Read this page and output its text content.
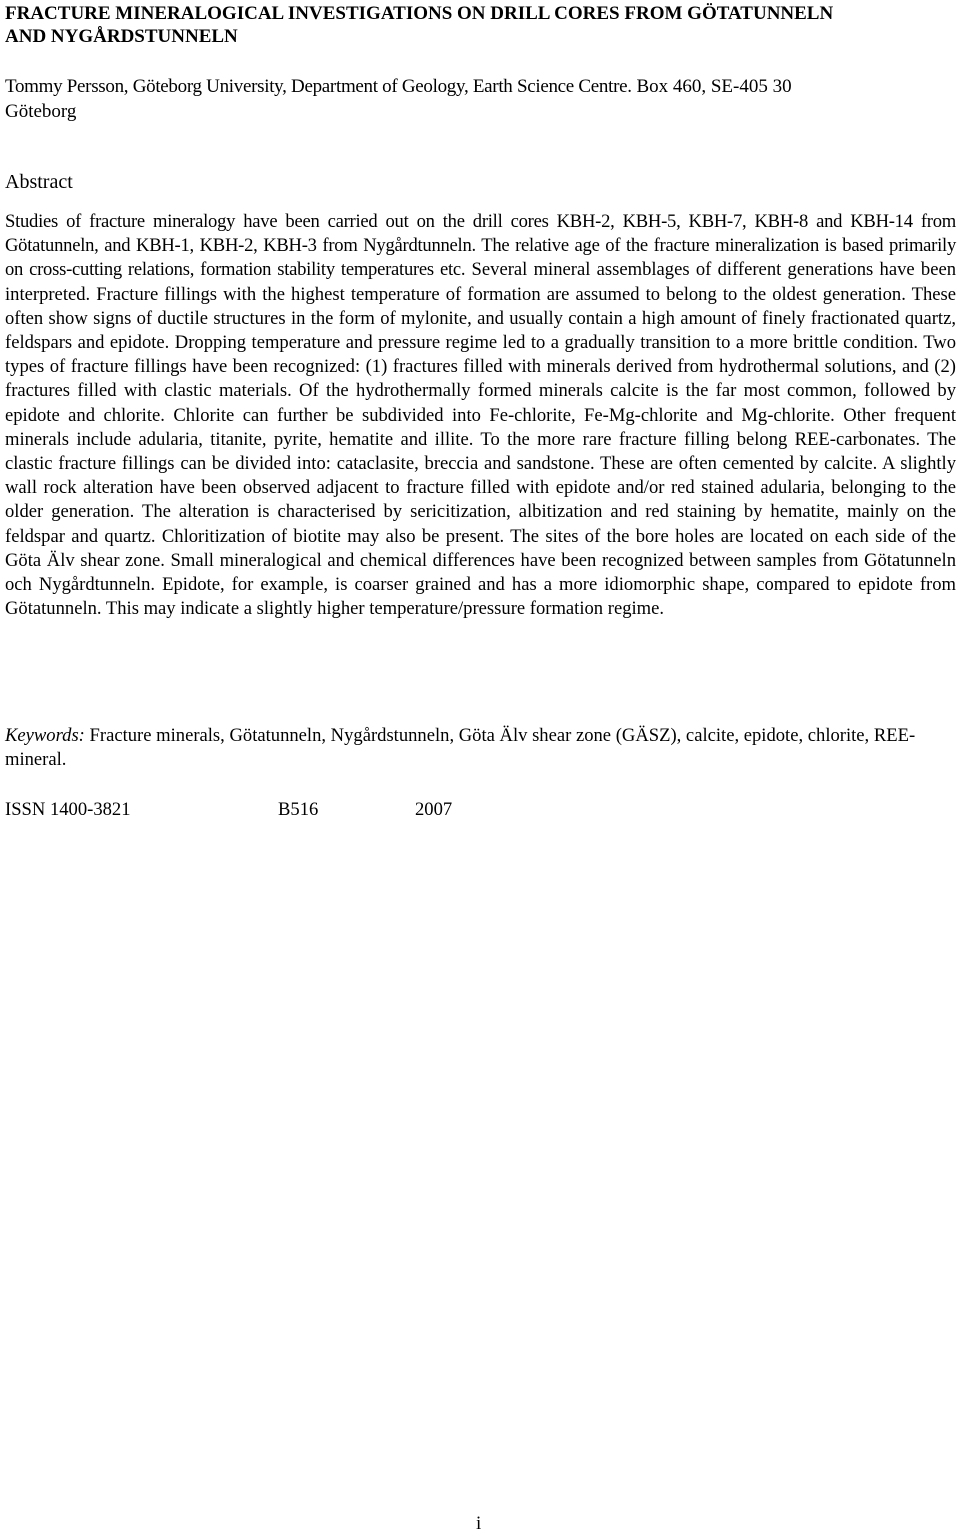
FRACTURE MINERALOGICAL INVESTIGATIONS ON DRILL CORES FROM GÖTATUNNELN
AND NYGÅRDSTUNNELN

Tommy Persson, Göteborg University, Department of Geology, Earth Science Centre. Box 460, SE-405 30
Göteborg

Abstract

Studies of fracture mineralogy have been carried out on the drill cores KBH-2, KBH-5, KBH-7, KBH-8 and KBH-14 from Götatunneln, and KBH-1, KBH-2, KBH-3 from Nygårdtunneln. The relative age of the fracture mineralization is based primarily on cross-cutting relations, formation stability temperatures etc. Several mineral assemblages of different generations have been interpreted. Fracture fillings with the highest temperature of formation are assumed to belong to the oldest generation. These often show signs of ductile structures in the form of mylonite, and usually contain a high amount of finely fractionated quartz, feldspars and epidote. Dropping temperature and pressure regime led to a gradually transition to a more brittle condition. Two types of fracture fillings have been recognized: (1) fractures filled with minerals derived from hydrothermal solutions, and (2) fractures filled with clastic materials. Of the hydrothermally formed minerals calcite is the far most common, followed by epidote and chlorite. Chlorite can further be subdivided into Fe-chlorite, Fe-Mg-chlorite and Mg-chlorite. Other frequent minerals include adularia, titanite, pyrite, hematite and illite. To the more rare fracture filling belong REE-carbonates. The clastic fracture fillings can be divided into: cataclasite, breccia and sandstone. These are often cemented by calcite. A slightly wall rock alteration have been observed adjacent to fracture filled with epidote and/or red stained adularia, belonging to the older generation. The alteration is characterised by sericitization, albitization and red staining by hematite, mainly on the feldspar and quartz. Chloritization of biotite may also be present. The sites of the bore holes are located on each side of the Göta Älv shear zone. Small mineralogical and chemical differences have been recognized between samples from Götatunneln och Nygårdtunneln. Epidote, for example, is coarser grained and has a more idiomorphic shape, compared to epidote from Götatunneln. This may indicate a slightly higher temperature/pressure formation regime.

Keywords: Fracture minerals, Götatunneln, Nygårdstunneln, Göta Älv shear zone (GÄSZ), calcite, epidote, chlorite, REE-mineral.

ISSN 1400-3821	B516	2007
i
